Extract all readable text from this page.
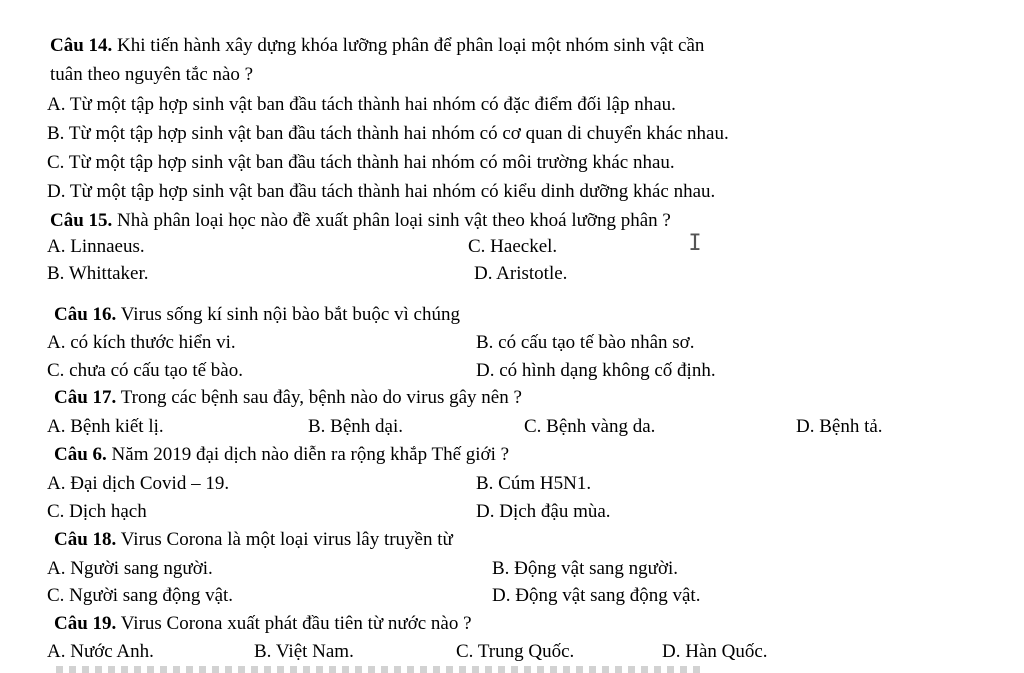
Câu 14. Khi tiến hành xây dựng khóa lưỡng phân để phân loại một nhóm sinh vật cần
tuân theo nguyên tắc nào ?
A. Từ một tập hợp sinh vật ban đầu tách thành hai nhóm có đặc điểm đối lập nhau.
B. Từ một tập hợp sinh vật ban đầu tách thành hai nhóm có cơ quan di chuyển khác nhau.
C. Từ một tập hợp sinh vật ban đầu tách thành hai nhóm có môi trường khác nhau.
D. Từ một tập hợp sinh vật ban đầu tách thành hai nhóm có kiểu dinh dưỡng khác nhau.
Câu 15. Nhà phân loại học nào đề xuất phân loại sinh vật theo khoá lưỡng phân ?
A. Linnaeus.	C. Haeckel.
B. Whittaker.	D. Aristotle.
Câu 16. Virus sống kí sinh nội bào bắt buộc vì chúng
A. có kích thước hiển vi.	B. có cấu tạo tế bào nhân sơ.
C. chưa có cấu tạo tế bào.	D. có hình dạng không cố định.
Câu 17. Trong các bệnh sau đây, bệnh nào do virus gây nên ?
A. Bệnh kiết lị.	B. Bệnh dại.	C. Bệnh vàng da.	D. Bệnh tả.
Câu 6. Năm 2019 đại dịch nào diễn ra rộng khắp Thế giới ?
A. Đại dịch Covid – 19.	B. Cúm H5N1.
C. Dịch hạch	D. Dịch đậu mùa.
Câu 18. Virus Corona là một loại virus lây truyền từ
A. Người sang người.	B. Động vật sang người.
C. Người sang động vật.	D. Động vật sang động vật.
Câu 19. Virus Corona xuất phát đầu tiên từ nước nào ?
A. Nước Anh.	B. Việt Nam.	C. Trung Quốc.	D. Hàn Quốc.
I
